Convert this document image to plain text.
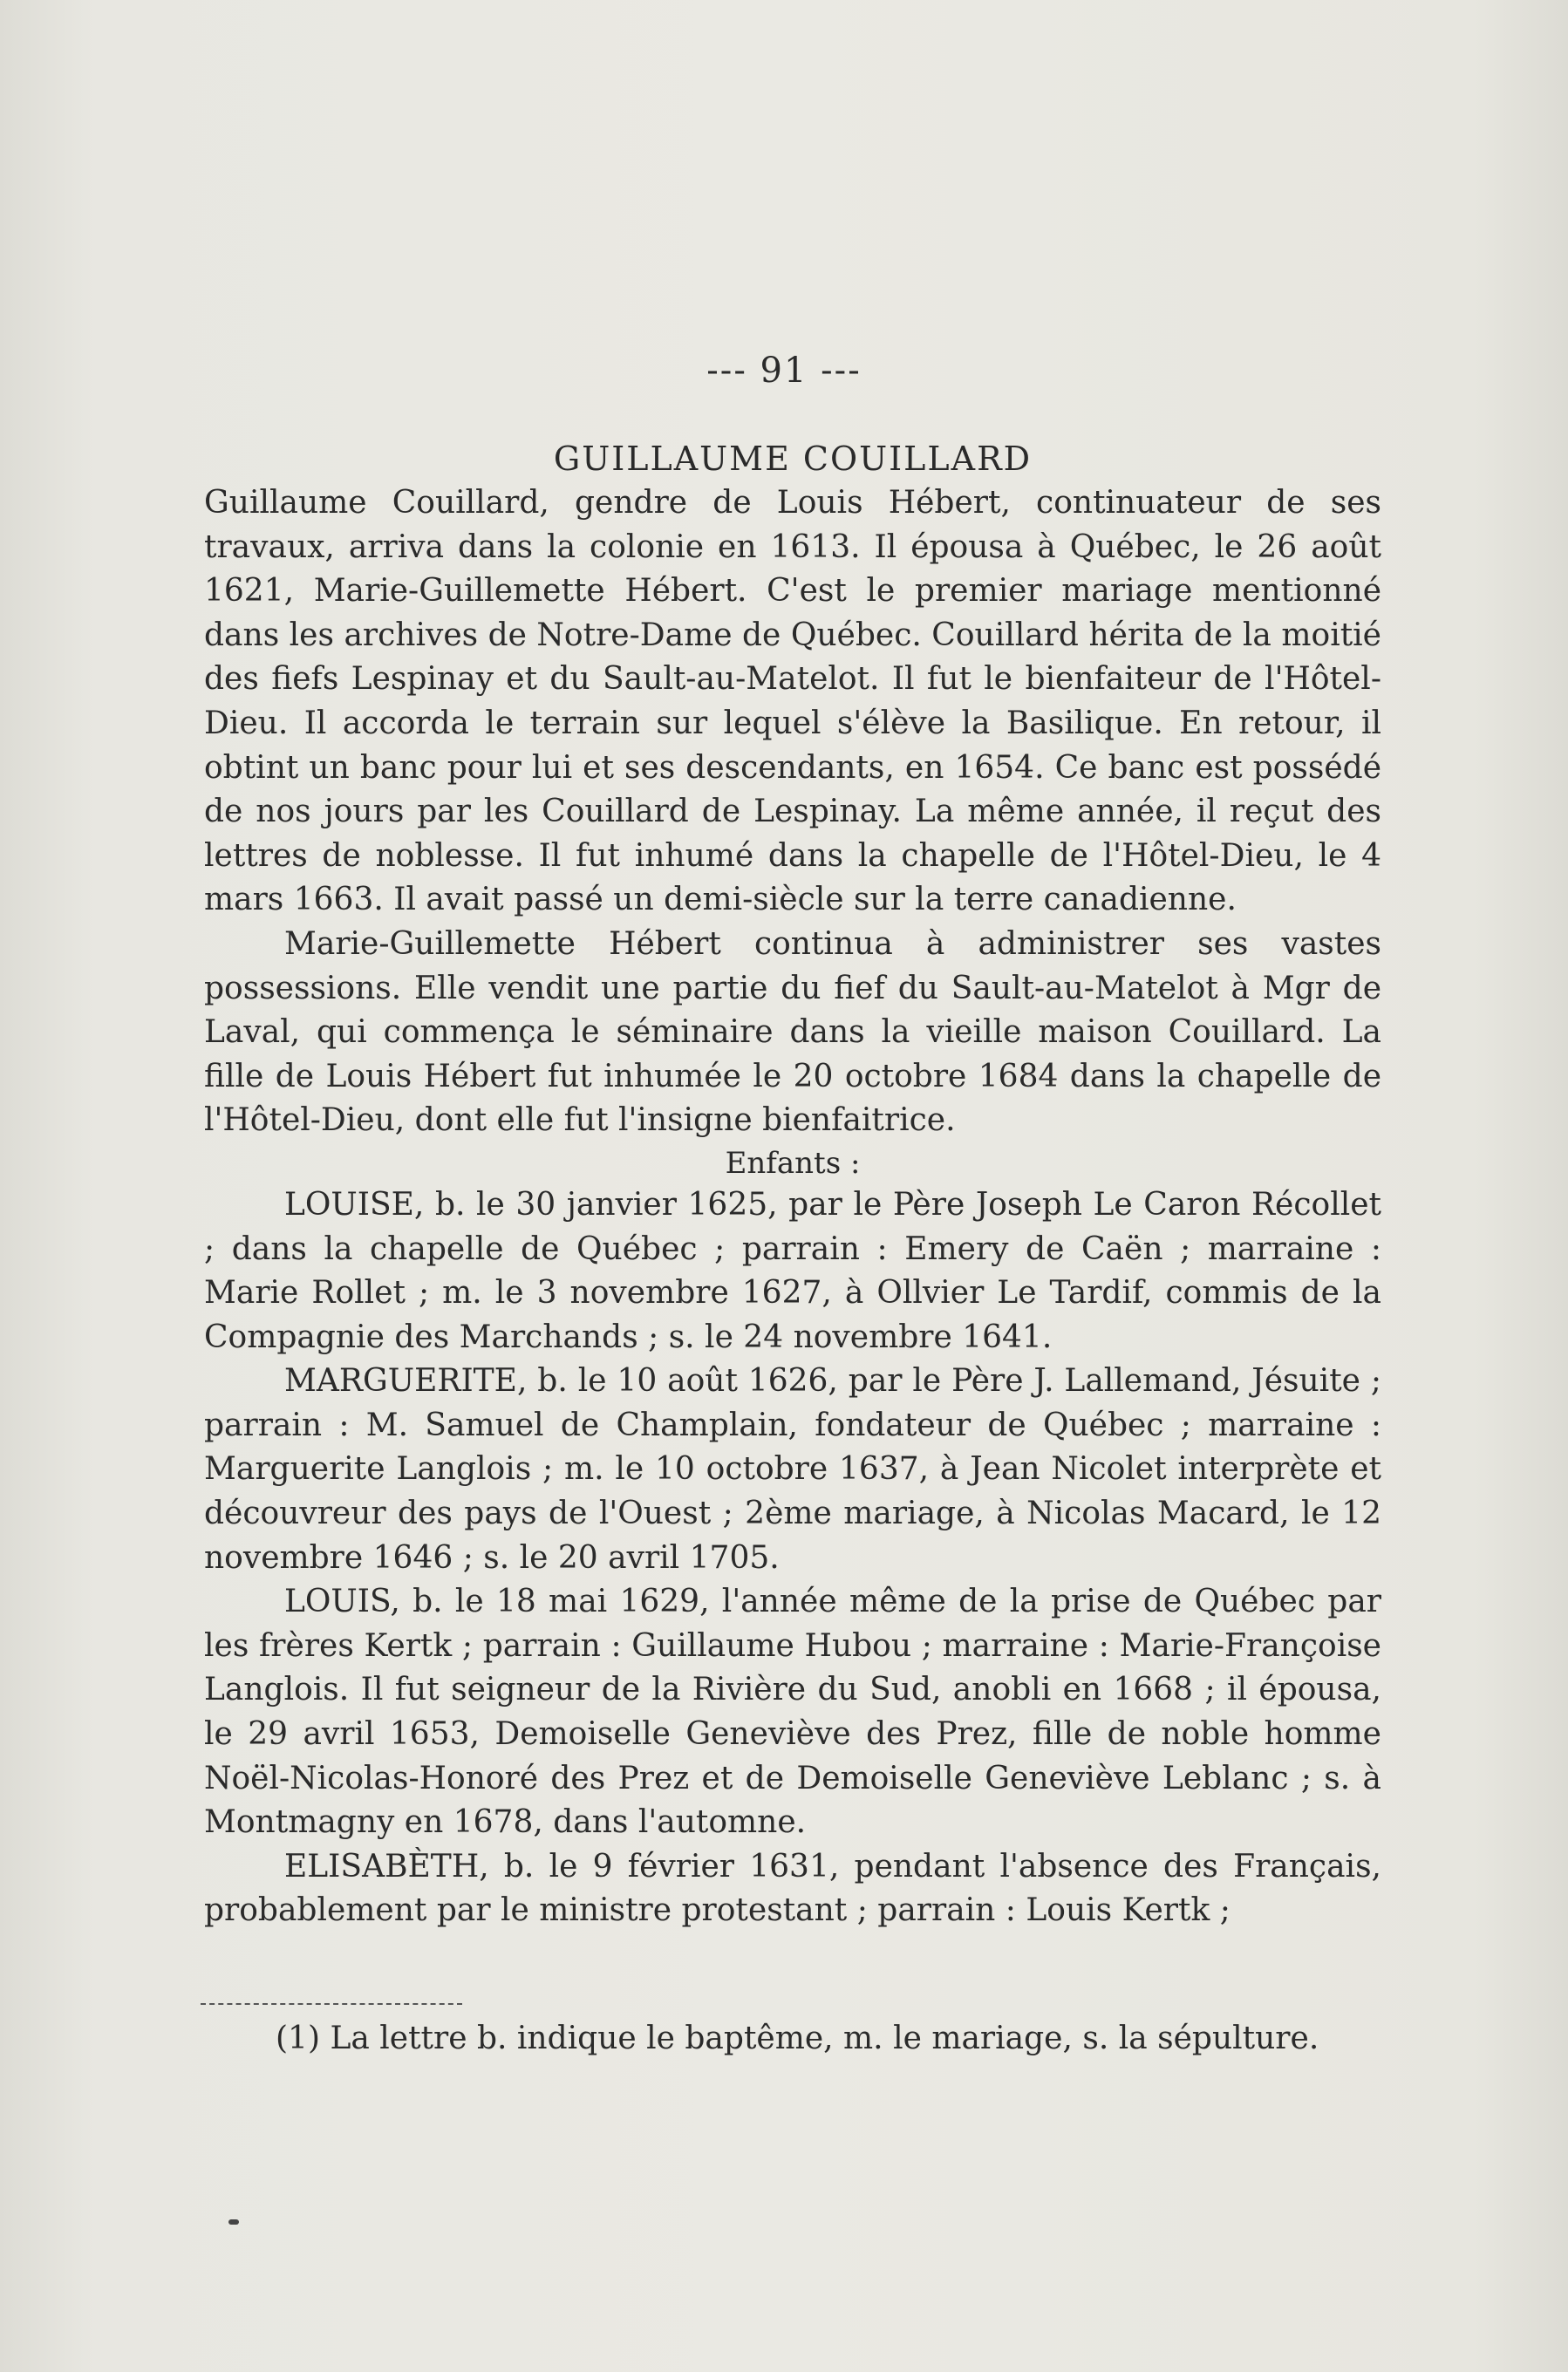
--- 91 ---
GUILLAUME COUILLARD

Guillaume Couillard, gendre de Louis Hébert, continuateur de ses travaux, arriva dans la colonie en 1613. Il épousa à Québec, le 26 août 1621, Marie-Guillemette Hébert. C'est le premier mariage mentionné dans les archives de Notre-Dame de Québec. Couillard hérita de la moitié des fiefs Lespinay et du Sault-au-Matelot. Il fut le bienfaiteur de l'Hôtel-Dieu. Il accorda le terrain sur lequel s'élève la Basilique. En retour, il obtint un banc pour lui et ses descendants, en 1654. Ce banc est possédé de nos jours par les Couillard de Lespinay. La même année, il reçut des lettres de noblesse. Il fut inhumé dans la chapelle de l'Hôtel-Dieu, le 4 mars 1663. Il avait passé un demi-siècle sur la terre canadienne.

Marie-Guillemette Hébert continua à administrer ses vastes possessions. Elle vendit une partie du fief du Sault-au-Matelot à Mgr de Laval, qui commença le séminaire dans la vieille maison Couillard. La fille de Louis Hébert fut inhumée le 20 octobre 1684 dans la chapelle de l'Hôtel-Dieu, dont elle fut l'insigne bienfaitrice.

Enfants :

LOUISE, b. le 30 janvier 1625, par le Père Joseph Le Caron Récollet ; dans la chapelle de Québec ; parrain : Emery de Caën ; marraine : Marie Rollet ; m. le 3 novembre 1627, à Ollvier Le Tardif, commis de la Compagnie des Marchands ; s. le 24 novembre 1641.

MARGUERITE, b. le 10 août 1626, par le Père J. Lallemand, Jésuite ; parrain : M. Samuel de Champlain, fondateur de Québec ; marraine : Marguerite Langlois ; m. le 10 octobre 1637, à Jean Nicolet interprète et découvreur des pays de l'Ouest ; 2ème mariage, à Nicolas Macard, le 12 novembre 1646 ; s. le 20 avril 1705.

LOUIS, b. le 18 mai 1629, l'année même de la prise de Québec par les frères Kertk ; parrain : Guillaume Hubou ; marraine : Marie-Françoise Langlois. Il fut seigneur de la Rivière du Sud, anobli en 1668 ; il épousa, le 29 avril 1653, Demoiselle Geneviève des Prez, fille de noble homme Noël-Nicolas-Honoré des Prez et de Demoiselle Geneviève Leblanc ; s. à Montmagny en 1678, dans l'automne.

ELISABÈTH, b. le 9 février 1631, pendant l'absence des Français, probablement par le ministre protestant ; parrain : Louis Kertk ;

(1) La lettre b. indique le baptême, m. le mariage, s. la sépulture.
